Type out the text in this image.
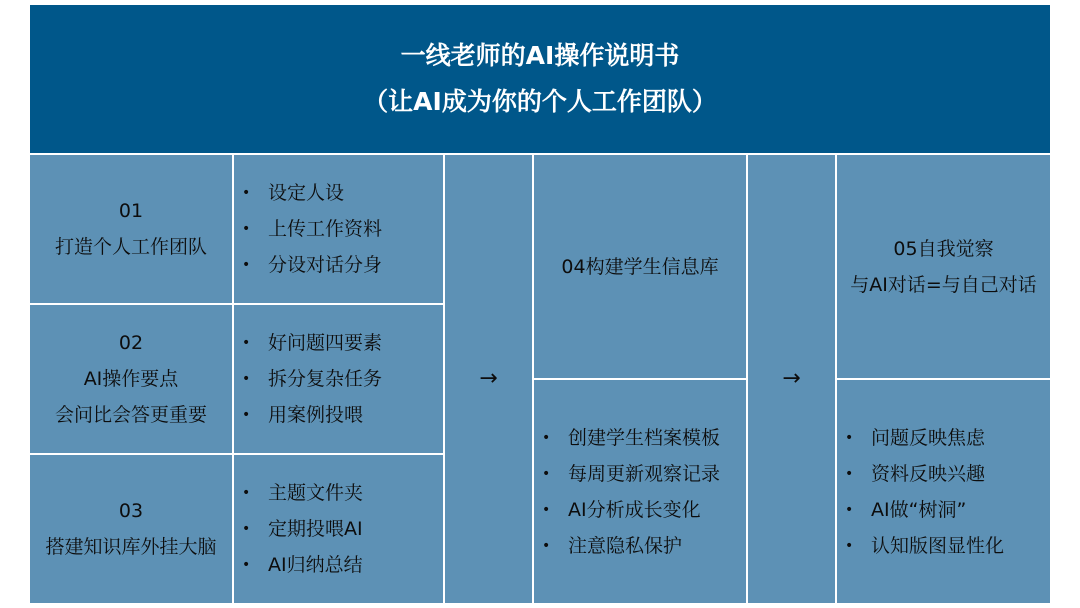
一线老师的AI操作说明书
（让AI成为你的个人工作团队）
01
打造个人工作团队
• 设定人设
• 上传工作资料
• 分设对话分身
02
AI操作要点
会问比会答更重要
• 好问题四要素
• 拆分复杂任务
• 用案例投喂
03
搭建知识库外挂大脑
• 主题文件夹
• 定期投喂AI
• AI归纳总结
→
04构建学生信息库
• 创建学生档案模板
• 每周更新观察记录
• AI分析成长变化
• 注意隐私保护
→
05自我觉察
与AI对话=与自己对话
• 问题反映焦虑
• 资料反映兴趣
• AI做“树洞”
• 认知版图显性化
